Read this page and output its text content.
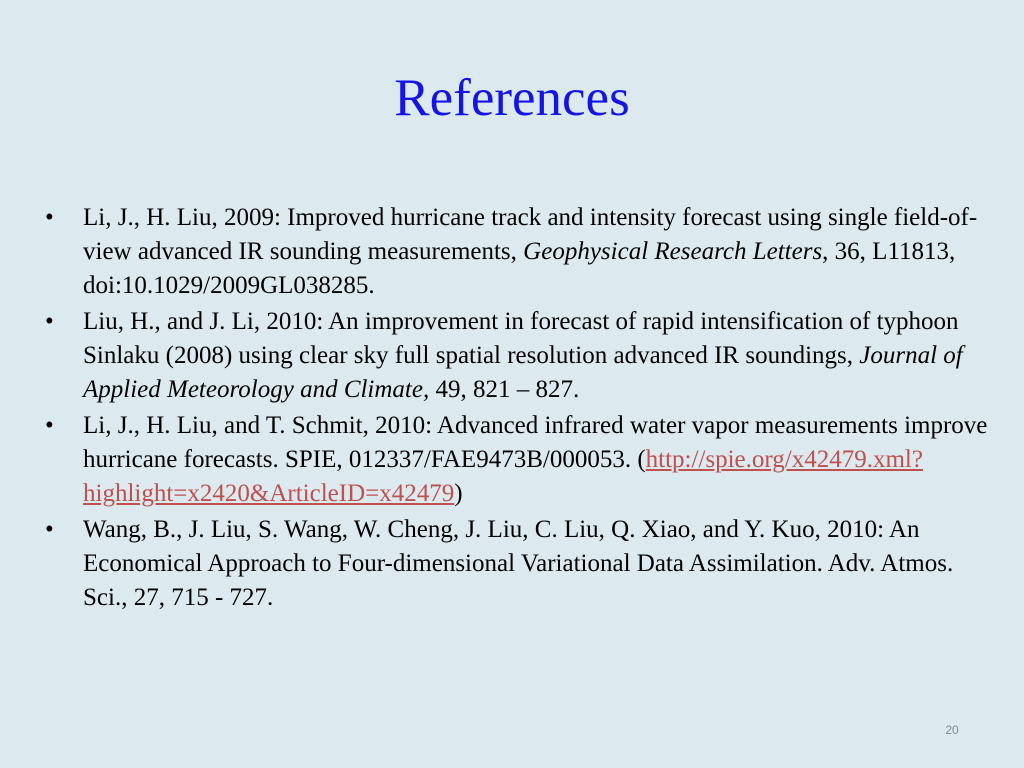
References
•	Li, J., H. Liu, 2009: Improved hurricane track and intensity forecast using single field-of-view advanced IR sounding measurements, Geophysical Research Letters, 36, L11813, doi:10.1029/2009GL038285.
•	Liu, H., and J. Li, 2010: An improvement in forecast of rapid intensification of typhoon Sinlaku (2008) using clear sky full spatial resolution advanced IR soundings, Journal of Applied Meteorology and Climate, 49, 821 – 827.
•	Li, J., H. Liu, and T. Schmit, 2010: Advanced infrared water vapor measurements improve hurricane forecasts. SPIE, 012337/FAE9473B/000053. (http://spie.org/x42479.xml?highlight=x2420&ArticleID=x42479)
•	Wang, B., J. Liu, S. Wang, W. Cheng, J. Liu, C. Liu, Q. Xiao, and Y. Kuo, 2010: An Economical Approach to Four-dimensional Variational Data Assimilation. Adv. Atmos. Sci., 27, 715 - 727.
20
